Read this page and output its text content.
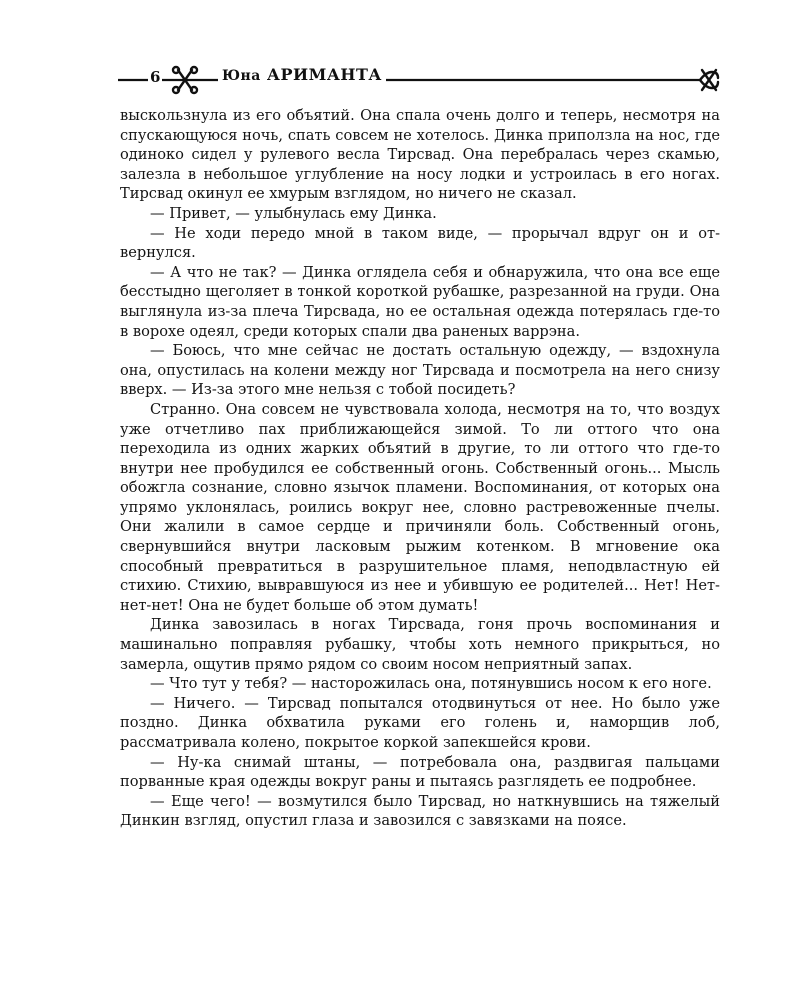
6	Юна АРИМАНТА

выскользнула из его объятий. Она спала очень долго и теперь, несмотря на спускающуюся ночь, спать совсем не хотелось. Динка приползла на нос, где одиноко сидел у рулевого весла Тирсвад. Она перебралась через скамью, залезла в небольшое углубление на носу лодки и устроилась в его ногах. Тирсвад окинул ее хмурым взглядом, но ничего не сказал.

— Привет, — улыбнулась ему Динка.

— Не ходи передо мной в таком виде, — прорычал вдруг он и отвернулся.

— А что не так? — Динка оглядела себя и обнаружила, что она все еще бесстыдно щеголяет в тонкой короткой рубашке, разрезанной на груди. Она выглянула из-за плеча Тирсвада, но ее остальная одежда потерялась где-то в ворохе одеял, среди которых спали два раненых варрэна.

— Боюсь, что мне сейчас не достать остальную одежду, — вздохнула она, опустилась на колени между ног Тирсвада и посмотрела на него снизу вверх. — Из-за этого мне нельзя с тобой посидеть?

Странно. Она совсем не чувствовала холода, несмотря на то, что воздух уже отчетливо пах приближающейся зимой. То ли оттого что она переходила из одних жарких объятий в другие, то ли оттого что где-то внутри нее пробудился ее собственный огонь. Собственный огонь... Мысль обожгла сознание, словно язычок пламени. Воспоминания, от которых она упрямо уклонялась, роились вокруг нее, словно растревоженные пчелы. Они жалили в самое сердце и причиняли боль. Собственный огонь, свернувшийся внутри ласковым рыжим котенком. В мгновение ока способный превратиться в разрушительное пламя, неподвластную ей стихию. Стихию, вывравшуюся из нее и убившую ее родителей... Нет! Нет-нет-нет! Она не будет больше об этом думать!

Динка завозилась в ногах Тирсвада, гоня прочь воспоминания и машинально поправляя рубашку, чтобы хоть немного прикрыться, но замерла, ощутив прямо рядом со своим носом неприятный запах.

— Что тут у тебя? — насторожилась она, потянувшись носом к его ноге.

— Ничего. — Тирсвад попытался отодвинуться от нее. Но было уже поздно. Динка обхватила руками его голень и, наморщив лоб, рассматривала колено, покрытое коркой запекшейся крови.

— Ну-ка снимай штаны, — потребовала она, раздвигая пальцами порванные края одежды вокруг раны и пытаясь разглядеть ее подробнее.

— Еще чего! — возмутился было Тирсвад, но наткнувшись на тяжелый Динкин взгляд, опустил глаза и завозился с завязками на поясе.
